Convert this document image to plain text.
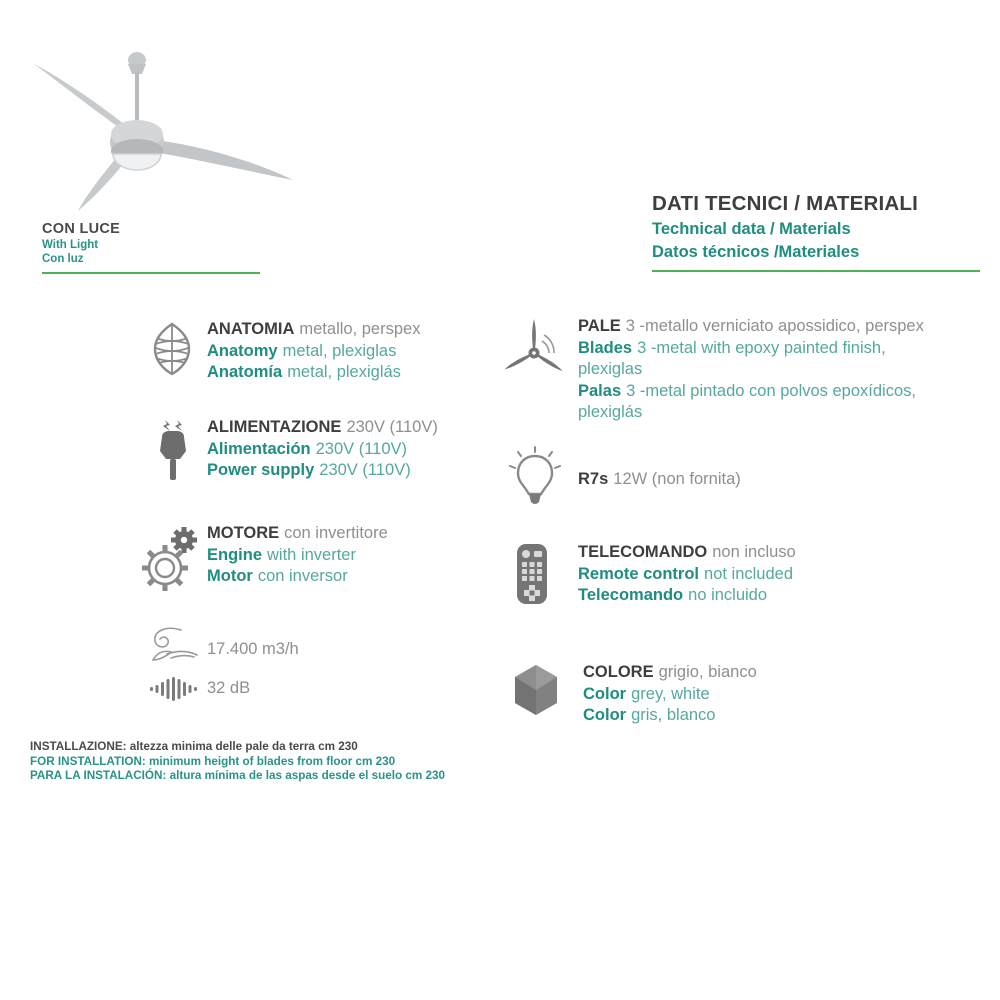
CON LUCE
With Light
Con luz
DATI TECNICI / MATERIALI
Technical data / Materials
Datos técnicos /Materiales
ANATOMIA metallo, perspex
Anatomy metal, plexiglas
Anatomía metal, plexiglás
ALIMENTAZIONE 230V (110V)
Alimentación 230V (110V)
Power supply 230V (110V)
MOTORE con invertitore
Engine with inverter
Motor con inversor
17.400 m3/h
32 dB
INSTALLAZIONE: altezza minima delle pale da terra cm 230
FOR INSTALLATION: minimum height of blades from floor cm 230
PARA LA INSTALACIÓN: altura mínima de las aspas desde el suelo cm 230
PALE 3 -metallo verniciato apossidico, perspex
Blades 3 -metal with epoxy painted finish, plexiglas
Palas 3 -metal pintado con polvos epoxídicos, plexiglás
R7s 12W (non fornita)
TELECOMANDO non incluso
Remote control not included
Telecomando no incluido
COLORE grigio, bianco
Color grey, white
Color gris, blanco
